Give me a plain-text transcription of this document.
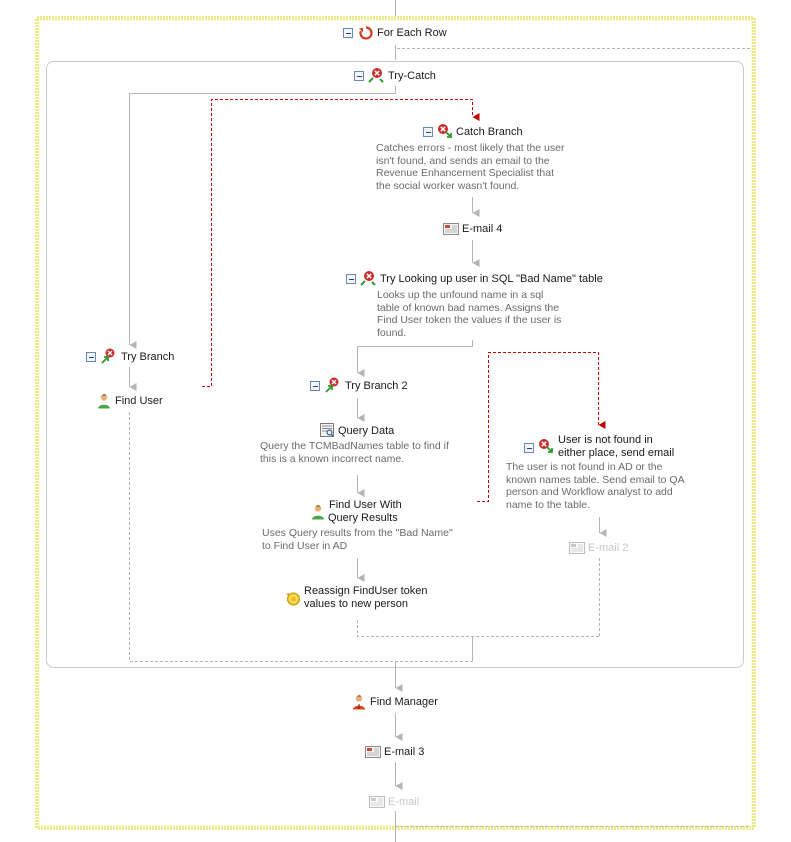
For Each Row
Try-Catch
Catch Branch
Catches errors - most likely that the user
isn't found, and sends an email to the
Revenue Enhancement Specialist that
the social worker wasn't found.
E-mail 4
Try Looking up user in SQL "Bad Name" table
Looks up the unfound name in a sql
table of known bad names. Assigns the
Find User token the values if the user is
found.
Try Branch
Find User
Try Branch 2
Query Data
Query the TCMBadNames table to find if
this is a known incorrect name.
Find User With
Query Results
Uses Query results from the "Bad Name"
to Find User in AD
Reassign FindUser token
values to new person
User is not found in
either place, send email
The user is not found in AD or the
known names table. Send email to QA
person and Workflow analyst to add
name to the table.
E-mail 2
Find Manager
E-mail 3
E-mail
